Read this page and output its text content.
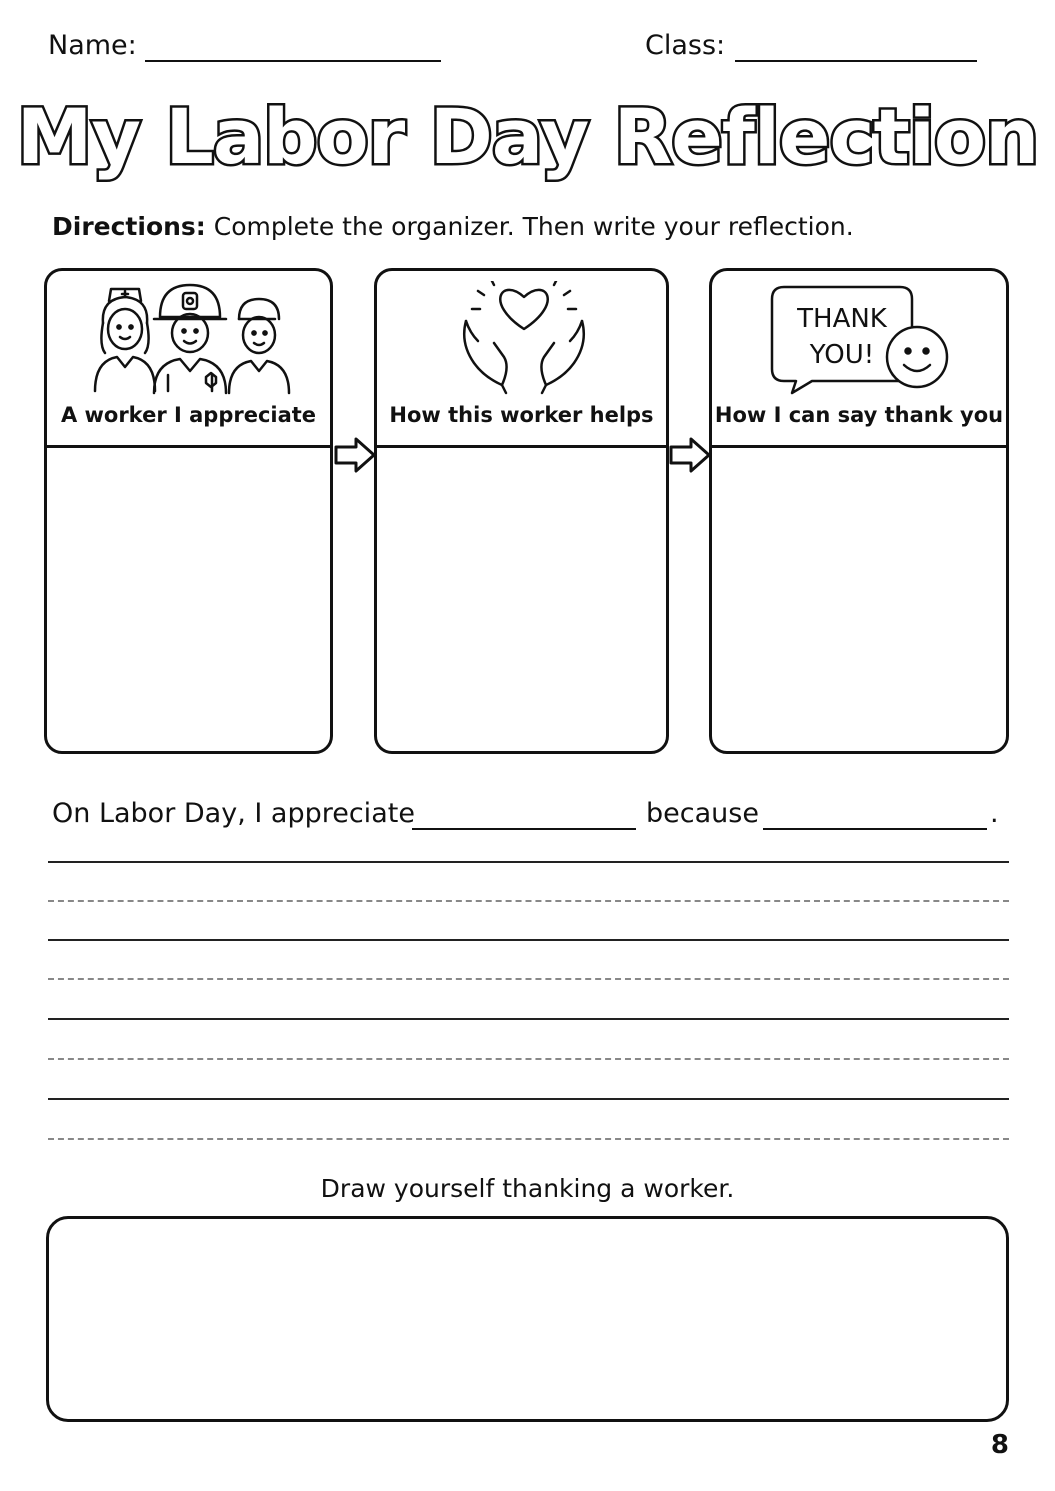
Name:	Class:
My Labor Day Reflection
Directions: Complete the organizer. Then write your reflection.
A worker I appreciate	How this worker helps
THANK
YOU!
How I can say thank you
On Labor Day, I appreciate	because	.
Draw yourself thanking a worker.
8
